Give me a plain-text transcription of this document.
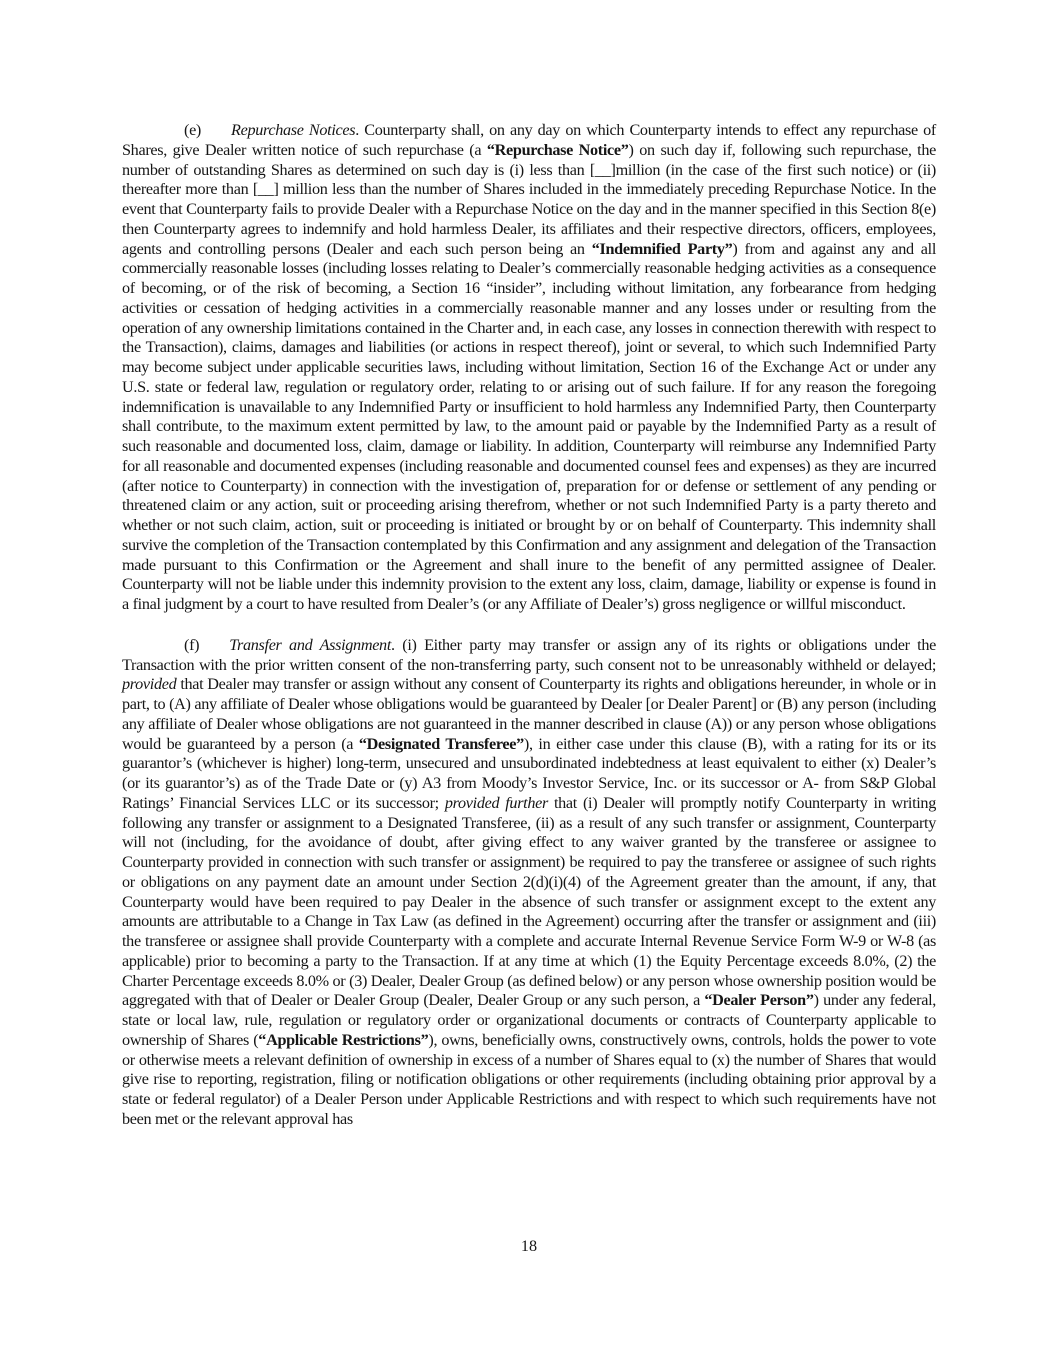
(e) Repurchase Notices. Counterparty shall, on any day on which Counterparty intends to effect any repurchase of Shares, give Dealer written notice of such repurchase (a “Repurchase Notice”) on such day if, following such repurchase, the number of outstanding Shares as determined on such day is (i) less than [__]million (in the case of the first such notice) or (ii) thereafter more than [__] million less than the number of Shares included in the immediately preceding Repurchase Notice. In the event that Counterparty fails to provide Dealer with a Repurchase Notice on the day and in the manner specified in this Section 8(e) then Counterparty agrees to indemnify and hold harmless Dealer, its affiliates and their respective directors, officers, employees, agents and controlling persons (Dealer and each such person being an “Indemnified Party”) from and against any and all commercially reasonable losses (including losses relating to Dealer’s commercially reasonable hedging activities as a consequence of becoming, or of the risk of becoming, a Section 16 “insider”, including without limitation, any forbearance from hedging activities or cessation of hedging activities in a commercially reasonable manner and any losses under or resulting from the operation of any ownership limitations contained in the Charter and, in each case, any losses in connection therewith with respect to the Transaction), claims, damages and liabilities (or actions in respect thereof), joint or several, to which such Indemnified Party may become subject under applicable securities laws, including without limitation, Section 16 of the Exchange Act or under any U.S. state or federal law, regulation or regulatory order, relating to or arising out of such failure. If for any reason the foregoing indemnification is unavailable to any Indemnified Party or insufficient to hold harmless any Indemnified Party, then Counterparty shall contribute, to the maximum extent permitted by law, to the amount paid or payable by the Indemnified Party as a result of such reasonable and documented loss, claim, damage or liability. In addition, Counterparty will reimburse any Indemnified Party for all reasonable and documented expenses (including reasonable and documented counsel fees and expenses) as they are incurred (after notice to Counterparty) in connection with the investigation of, preparation for or defense or settlement of any pending or threatened claim or any action, suit or proceeding arising therefrom, whether or not such Indemnified Party is a party thereto and whether or not such claim, action, suit or proceeding is initiated or brought by or on behalf of Counterparty. This indemnity shall survive the completion of the Transaction contemplated by this Confirmation and any assignment and delegation of the Transaction made pursuant to this Confirmation or the Agreement and shall inure to the benefit of any permitted assignee of Dealer. Counterparty will not be liable under this indemnity provision to the extent any loss, claim, damage, liability or expense is found in a final judgment by a court to have resulted from Dealer’s (or any Affiliate of Dealer’s) gross negligence or willful misconduct.

(f) Transfer and Assignment. (i) Either party may transfer or assign any of its rights or obligations under the Transaction with the prior written consent of the non-transferring party, such consent not to be unreasonably withheld or delayed; provided that Dealer may transfer or assign without any consent of Counterparty its rights and obligations hereunder, in whole or in part, to (A) any affiliate of Dealer whose obligations would be guaranteed by Dealer [or Dealer Parent] or (B) any person (including any affiliate of Dealer whose obligations are not guaranteed in the manner described in clause (A)) or any person whose obligations would be guaranteed by a person (a “Designated Transferee”), in either case under this clause (B), with a rating for its or its guarantor’s (whichever is higher) long-term, unsecured and unsubordinated indebtedness at least equivalent to either (x) Dealer’s (or its guarantor’s) as of the Trade Date or (y) A3 from Moody’s Investor Service, Inc. or its successor or A- from S&P Global Ratings’ Financial Services LLC or its successor; provided further that (i) Dealer will promptly notify Counterparty in writing following any transfer or assignment to a Designated Transferee, (ii) as a result of any such transfer or assignment, Counterparty will not (including, for the avoidance of doubt, after giving effect to any waiver granted by the transferee or assignee to Counterparty provided in connection with such transfer or assignment) be required to pay the transferee or assignee of such rights or obligations on any payment date an amount under Section 2(d)(i)(4) of the Agreement greater than the amount, if any, that Counterparty would have been required to pay Dealer in the absence of such transfer or assignment except to the extent any amounts are attributable to a Change in Tax Law (as defined in the Agreement) occurring after the transfer or assignment and (iii) the transferee or assignee shall provide Counterparty with a complete and accurate Internal Revenue Service Form W-9 or W-8 (as applicable) prior to becoming a party to the Transaction. If at any time at which (1) the Equity Percentage exceeds 8.0%, (2) the Charter Percentage exceeds 8.0% or (3) Dealer, Dealer Group (as defined below) or any person whose ownership position would be aggregated with that of Dealer or Dealer Group (Dealer, Dealer Group or any such person, a “Dealer Person”) under any federal, state or local law, rule, regulation or regulatory order or organizational documents or contracts of Counterparty applicable to ownership of Shares (“Applicable Restrictions”), owns, beneficially owns, constructively owns, controls, holds the power to vote or otherwise meets a relevant definition of ownership in excess of a number of Shares equal to (x) the number of Shares that would give rise to reporting, registration, filing or notification obligations or other requirements (including obtaining prior approval by a state or federal regulator) of a Dealer Person under Applicable Restrictions and with respect to which such requirements have not been met or the relevant approval has

18
